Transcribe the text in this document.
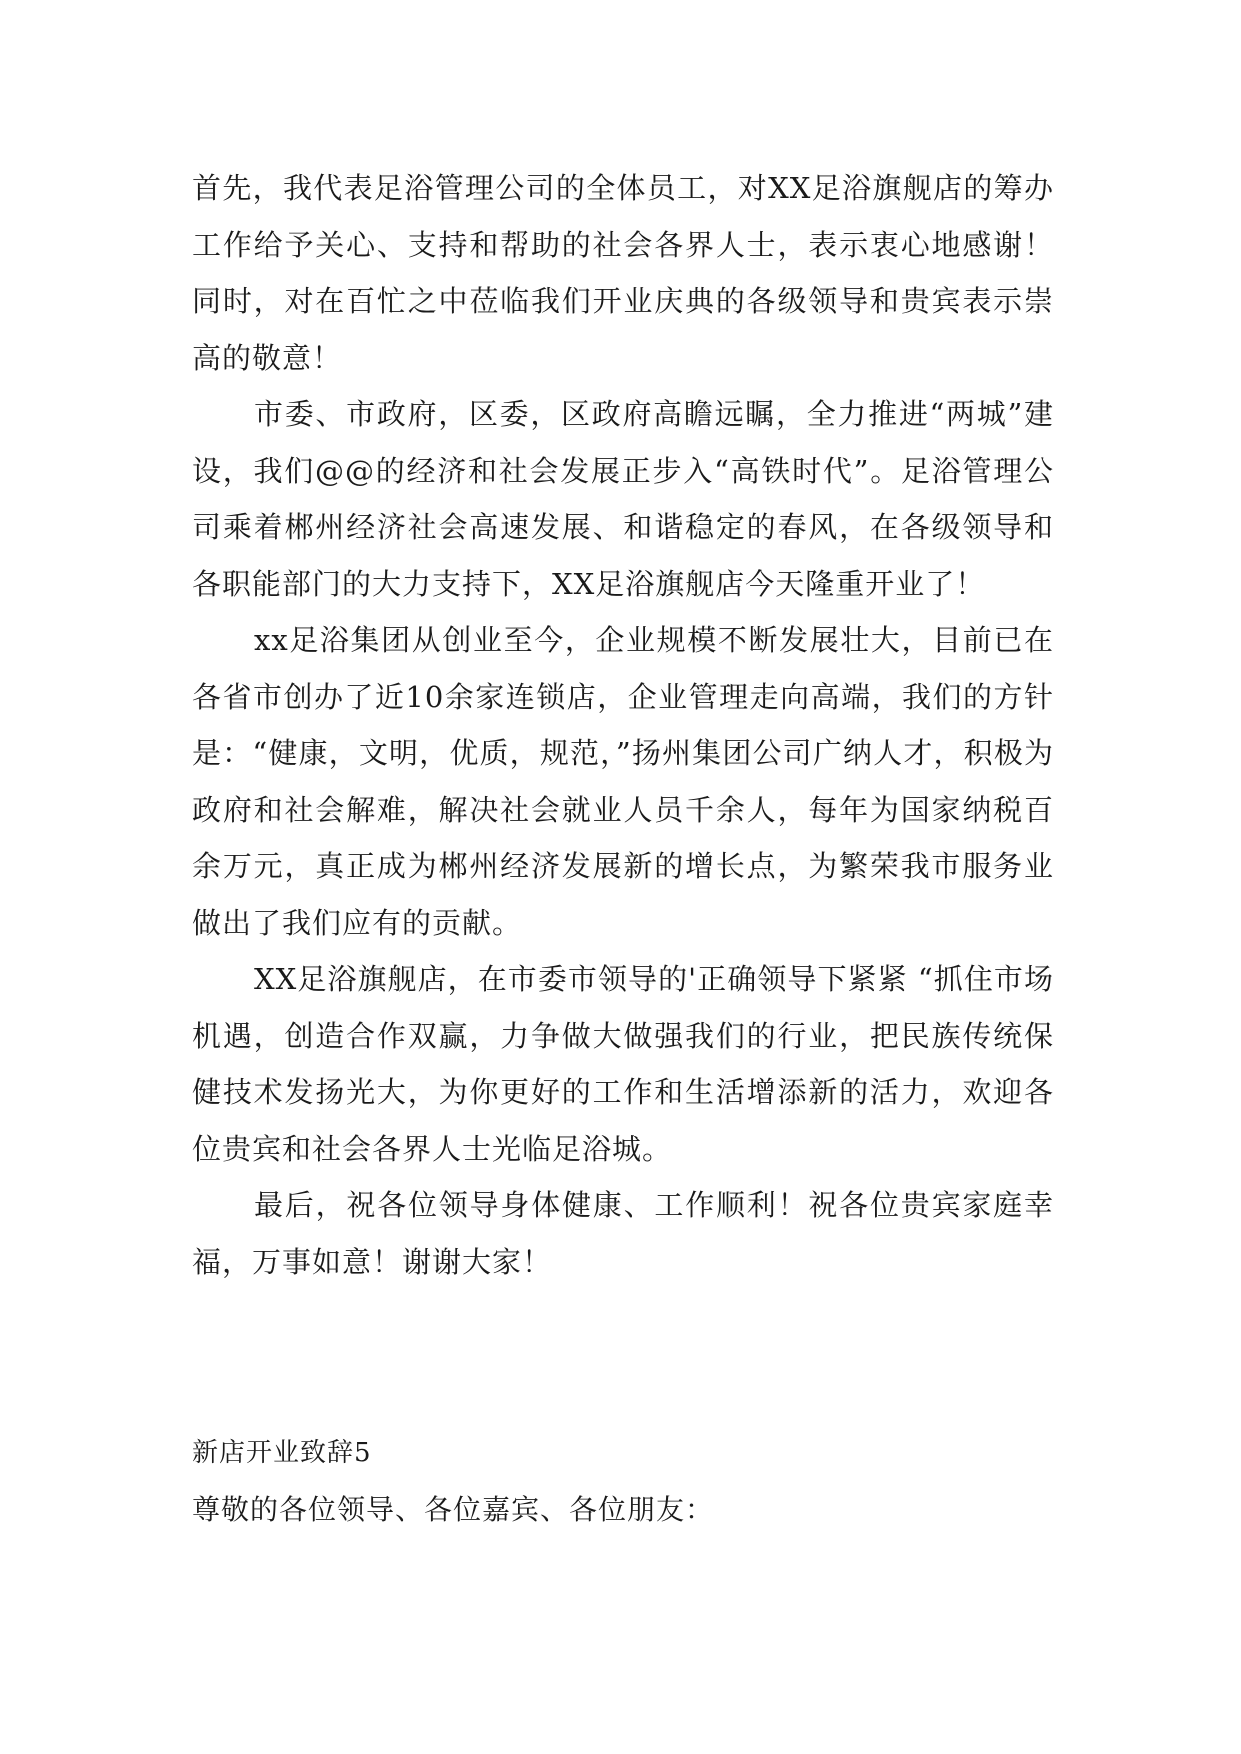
首先，我代表足浴管理公司的全体员工，对XX足浴旗舰店的筹办工作给予关心、支持和帮助的社会各界人士，表示衷心地感谢！同时，对在百忙之中莅临我们开业庆典的各级领导和贵宾表示崇高的敬意！

市委、市政府，区委，区政府高瞻远瞩，全力推进“两城”建设，我们@@的经济和社会发展正步入“高铁时代”。足浴管理公司乘着郴州经济社会高速发展、和谐稳定的春风，在各级领导和各职能部门的大力支持下，XX足浴旗舰店今天隆重开业了！

xx足浴集团从创业至今，企业规模不断发展壮大，目前已在各省市创办了近10余家连锁店，企业管理走向高端，我们的方针是：“健康，文明，优质，规范，”扬州集团公司广纳人才，积极为政府和社会解难，解决社会就业人员千余人，每年为国家纳税百余万元，真正成为郴州经济发展新的增长点，为繁荣我市服务业做出了我们应有的贡献。

XX足浴旗舰店，在市委市领导的'正确领导下紧紧 “抓住市场机遇，创造合作双赢，力争做大做强我们的行业，把民族传统保健技术发扬光大，为你更好的工作和生活增添新的活力，欢迎各位贵宾和社会各界人士光临足浴城。

最后，祝各位领导身体健康、工作顺利！祝各位贵宾家庭幸福，万事如意！谢谢大家！

新店开业致辞5

尊敬的各位领导、各位嘉宾、各位朋友：
